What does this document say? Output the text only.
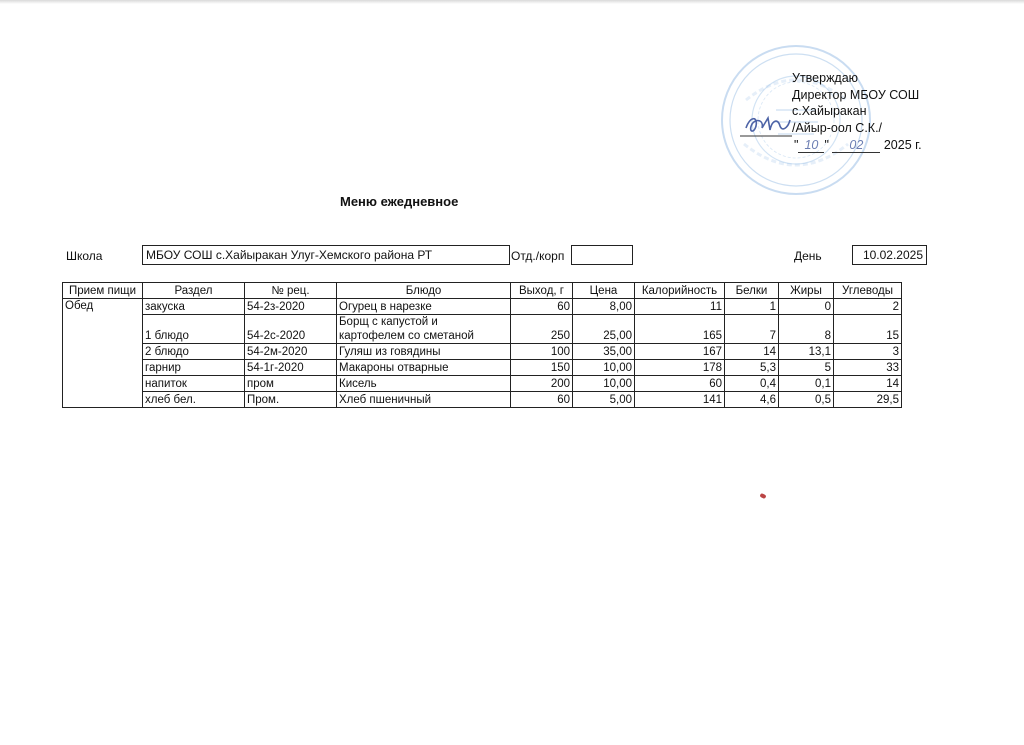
Утверждаю
Директор МБОУ СОШ
с.Хайыракан
/Айыр-оол С.К./
" 10 " 02 2025 г.
Меню ежедневное
Школа	МБОУ СОШ с.Хайыракан Улуг-Хемского района РТ	Отд./корп	День	10.02.2025
Прием пищи	Раздел	№ рец.	Блюдо	Выход, г	Цена	Калорийность	Белки	Жиры	Углеводы
Обед	закуска	54-2з-2020	Огурец в нарезке	60	8,00	11	1	0	2
	1 блюдо	54-2с-2020	Борщ с капустой и
картофелем со сметаной	250	25,00	165	7	8	15
	2 блюдо	54-2м-2020	Гуляш из говядины	100	35,00	167	14	13,1	3
	гарнир	54-1г-2020	Макароны отварные	150	10,00	178	5,3	5	33
	напиток	пром	Кисель	200	10,00	60	0,4	0,1	14
	хлеб бел.	Пром.	Хлеб пшеничный	60	5,00	141	4,6	0,5	29,5
